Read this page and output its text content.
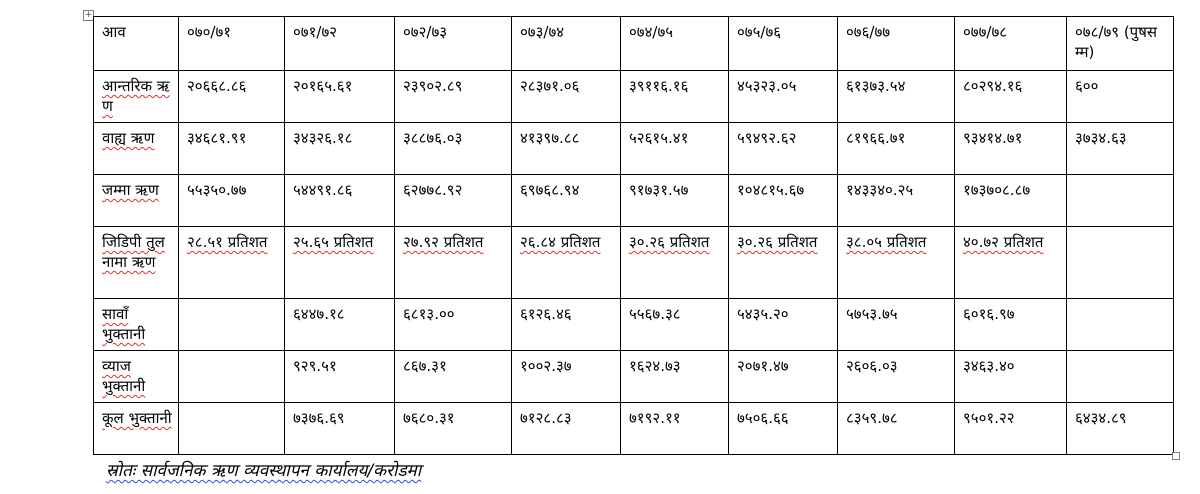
+
आव	०७०/७१	०७१/७२	०७२/७३	०७३/७४	०७४/७५	०७५/७६	०७६/७७	०७७/७८	०७८/७९ (पुषसम्म)
आन्तरिक ऋण	२०६६८.८६	२०१६५.६१	२३९०२.८९	२८३७१.०६	३९११६.१६	४५३२३.०५	६१३७३.५४	८०२९४.१६	६००
वाह्य ऋण	३४६८१.९१	३४३२६.१८	३८८७६.०३	४१३९७.८८	५२६१५.४१	५९४९२.६२	८१९६६.७१	९३४१४.७१	३७३४.६३
जम्मा ऋण	५५३५०.७७	५४४९१.८६	६२७७८.९२	६९७६८.९४	९१७३१.५७	१०४८१५.६७	१४३३४०.२५	१७३७०८.८७	
जिडिपी तुलनामा ऋण	२८.५१ प्रतिशत	२५.६५ प्रतिशत	२७.९२ प्रतिशत	२६.८४ प्रतिशत	३०.२६ प्रतिशत	३०.२६ प्रतिशत	३८.०५ प्रतिशत	४०.७२ प्रतिशत	
सावाँ भुक्तानी		६४४७.१८	६८१३.००	६१२६.४६	५५६७.३८	५४३५.२०	५७५३.७५	६०१६.९७	
व्याज भुक्तानी		९२९.५१	८६७.३१	१००२.३७	१६२४.७३	२०७१.४७	२६०६.०३	३४६३.४०	
कूल भुक्तानी		७३७६.६९	७६८०.३१	७१२८.८३	७१९२.११	७५०६.६६	८३५९.७८	९५०१.२२	६४३४.८९
स्रोतः सार्वजनिक ऋण व्यवस्थापन कार्यालय/करोडमा
